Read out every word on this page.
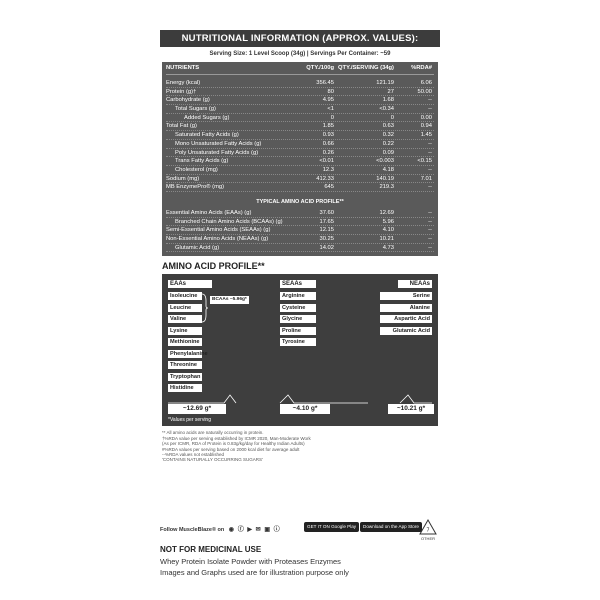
NUTRITIONAL INFORMATION (APPROX. VALUES):
Serving Size: 1 Level Scoop (34g) | Servings Per Container: ~59
NUTRIENTS	QTY./100g QTY./SERVING (34g)	%RDA#
Energy (kcal)	356.45	121.19	6.06
Protein (g)†	80	27	50.00
Carbohydrate (g)	4.95	1.68	--
Total Sugars (g)	<1	<0.34	--
Added Sugars (g)	0	0	0.00
Total Fat (g)	1.85	0.63	0.94
Saturated Fatty Acids (g)	0.93	0.32	1.45
Mono Unsaturated Fatty Acids (g)	0.66	0.22	--
Poly Unsaturated Fatty Acids (g)	0.26	0.09	--
Trans Fatty Acids (g)	<0.01	<0.003	<0.15
Cholesterol (mg)	12.3	4.18	--
Sodium (mg)	412.33	140.19	7.01
MB EnzymePro® (mg)	645	219.3	--
TYPICAL AMINO ACID PROFILE**
Essential Amino Acids (EAAs) (g)	37.60	12.69	--
Branched Chain Amino Acids (BCAAs) (g)	17.65	5.96	--
Semi-Essential Amino Acids (SEAAs) (g)	12.15	4.10	--
Non-Essential Amino Acids (NEAAs) (g)	30.25	10.21	--
Glutamic Acid (g)	14.02	4.73	--
AMINO ACID PROFILE**
EAAs	SEAAs	NEAAs
Isoleucine
Leucine
Valine
Lysine
Methionine
Phenylalanine
Threonine
Tryptophan
Histidine
Arginine
Cysteine
Glycine
Proline
Tyrosine
Serine
Alanine
Aspartic Acid
Glutamic Acid
BCAAs ~5.96g*
~12.69 g*	~4.10 g*	~10.21 g*
*Values per serving
** All amino acids are naturally occurring in protein.
†%RDA value per serving established by ICMR 2020, Man-Moderate Work
(As per ICMR, RDA of Protein is 0.83g/kg/day for Healthy Indian Adults)
#%RDA values per serving based on 2000 kcal diet for average adult
--%RDA values not established
'CONTAINS NATURALLY OCCURRING SUGARS'
Follow MuscleBlaze® on ◉ ⓕ ▶ ✉ ▣ ⓘ
GET IT ON Google Play	Download on the App Store
7
OTHER
NOT FOR MEDICINAL USE
Whey Protein Isolate Powder with Proteases Enzymes
Images and Graphs used are for illustration purpose only
